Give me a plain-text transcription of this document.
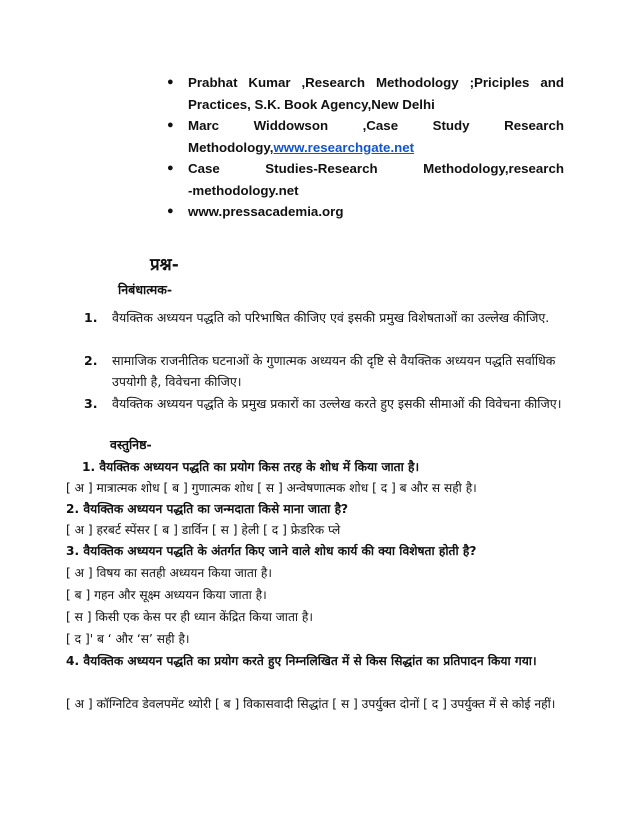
● Prabhat Kumar ,Research Methodology ;Priciples and
Practices, S.K. Book Agency,New Delhi
● Marc Widdowson ,Case Study Research
Methodology,www.researchgate.net
● Case Studies-Research Methodology,research
-methodology.net
● www.pressacademia.org
प्रश्न-
निबंधात्मक-
1. वैयक्तिक अध्ययन पद्धति को परिभाषित कीजिए एवं इसकी प्रमुख विशेषताओं का उल्लेख कीजिए.
2. सामाजिक राजनीतिक घटनाओं के गुणात्मक अध्ययन की दृष्टि से वैयक्तिक अध्ययन पद्धति सर्वाधिक उपयोगी है, विवेचना कीजिए।
3. वैयक्तिक अध्ययन पद्धति के प्रमुख प्रकारों का उल्लेख करते हुए इसकी सीमाओं की विवेचना कीजिए।
वस्तुनिष्ठ-
1. वैयक्तिक अध्ययन पद्धति का प्रयोग किस तरह के शोध में किया जाता है।
[ अ ] मात्रात्मक शोध [ ब ] गुणात्मक शोध [ स ] अन्वेषणात्मक शोध [ द ] ब और स सही है।
2. वैयक्तिक अध्ययन पद्धति का जन्मदाता किसे माना जाता है?
[ अ ] हरबर्ट स्पेंसर [ ब ] डार्विन [ स ] हेली [ द ] फ्रेडरिक प्ले
3. वैयक्तिक अध्ययन पद्धति के अंतर्गत किए जाने वाले शोध कार्य की क्या विशेषता होती है?
[ अ ] विषय का सतही अध्ययन किया जाता है।
[ ब ] गहन और सूक्ष्म अध्ययन किया जाता है।
[ स ] किसी एक केस पर ही ध्यान केंद्रित किया जाता है।
[ द ]' ब ‘ और ‘स’ सही है।
4. वैयक्तिक अध्ययन पद्धति का प्रयोग करते हुए निम्नलिखित में से किस सिद्धांत का प्रतिपादन किया गया।
[ अ ] कॉग्निटिव डेवलपमेंट थ्योरी [ ब ] विकासवादी सिद्धांत [ स ] उपर्युक्त दोनों [ द ] उपर्युक्त में से कोई नहीं।
